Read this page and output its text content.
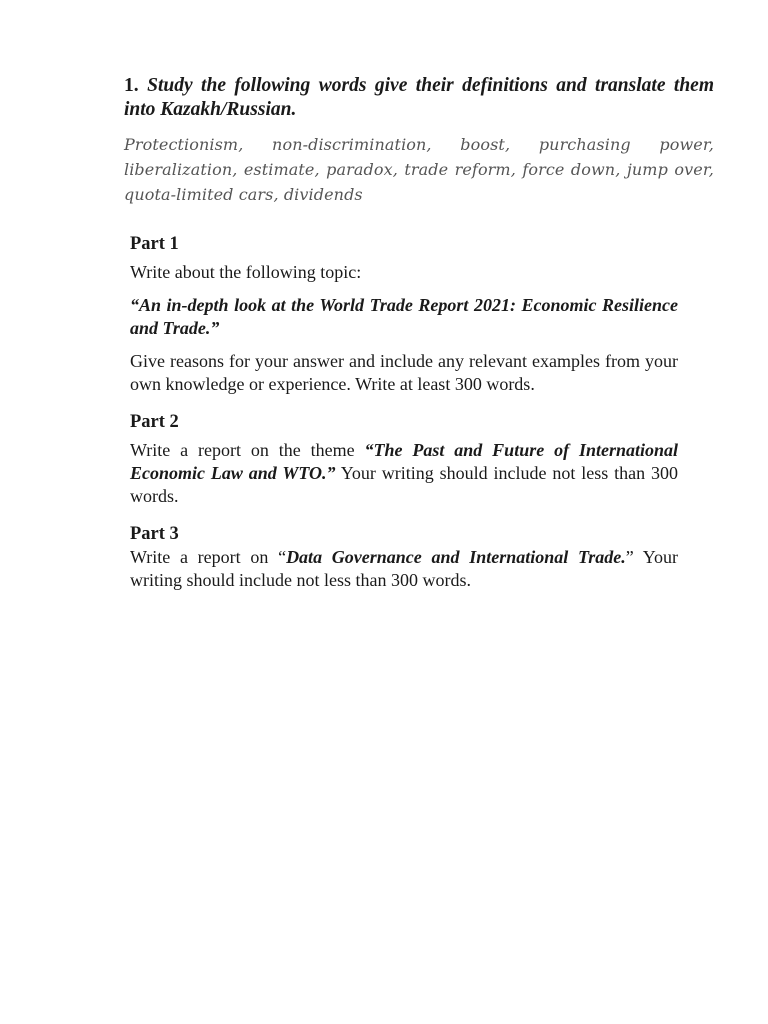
1. Study the following words give their definitions and translate them into Kazakh/Russian.

Protectionism, non-discrimination, boost, purchasing power, liberalization, estimate, paradox, trade reform, force down, jump over, quota-limited cars, dividends

Part 1

Write about the following topic:

“An in-depth look at the World Trade Report 2021: Economic Resilience and Trade.”

Give reasons for your answer and include any relevant examples from your own knowledge or experience. Write at least 300 words.

Part 2

Write a report on the theme “The Past and Future of International Economic Law and WTO.” Your writing should include not less than 300 words.

Part 3

Write a report on “Data Governance and International Trade.” Your writing should include not less than 300 words.
